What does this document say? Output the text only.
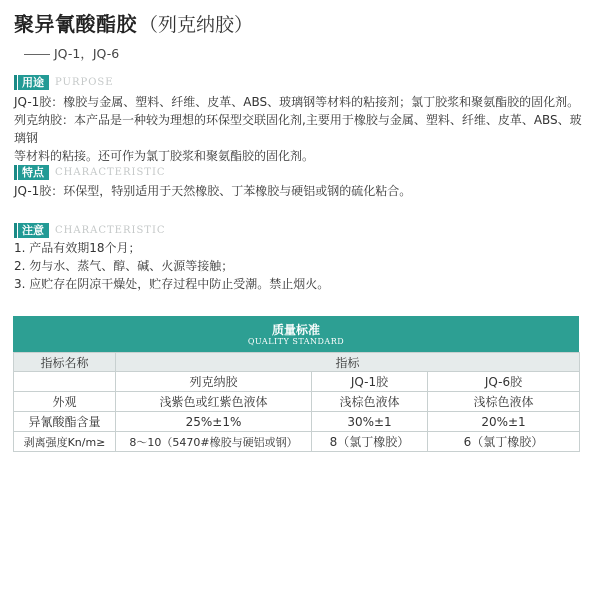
聚异氰酸酯胶 （列克纳胶）
JQ-1，JQ-6
用途	PURPOSE

JQ-1胶：橡胶与金属、塑料、纤维、皮革、ABS、玻璃钢等材料的粘接剂；氯丁胶浆和聚氨酯胶的固化剂。

列克纳胶：本产品是一种较为理想的环保型交联固化剂,主要用于橡胶与金属、塑料、纤维、皮革、ABS、玻璃钢

等材料的粘接。还可作为氯丁胶浆和聚氨酯胶的固化剂。

特点	CHARACTERISTIC

JQ-1胶：环保型，特别适用于天然橡胶、丁苯橡胶与硬铝或钢的硫化粘合。

注意	CHARACTERISTIC

1. 产品有效期18个月；

2. 勿与水、蒸气、醇、碱、火源等接触；

3. 应贮存在阴凉干燥处，贮存过程中防止受潮。禁止烟火。

质量标准
QUALITY STANDARD
指标名称	指标		
	列克纳胶	JQ-1胶	JQ-6胶
外观	浅紫色或红紫色液体	浅棕色液体	浅棕色液体
异氰酸酯含量	25%±1%	30%±1	20%±1
剥离强度Kn/m≥	8～10（5470#橡胶与硬铝或钢）	8（氯丁橡胶）	6（氯丁橡胶）
